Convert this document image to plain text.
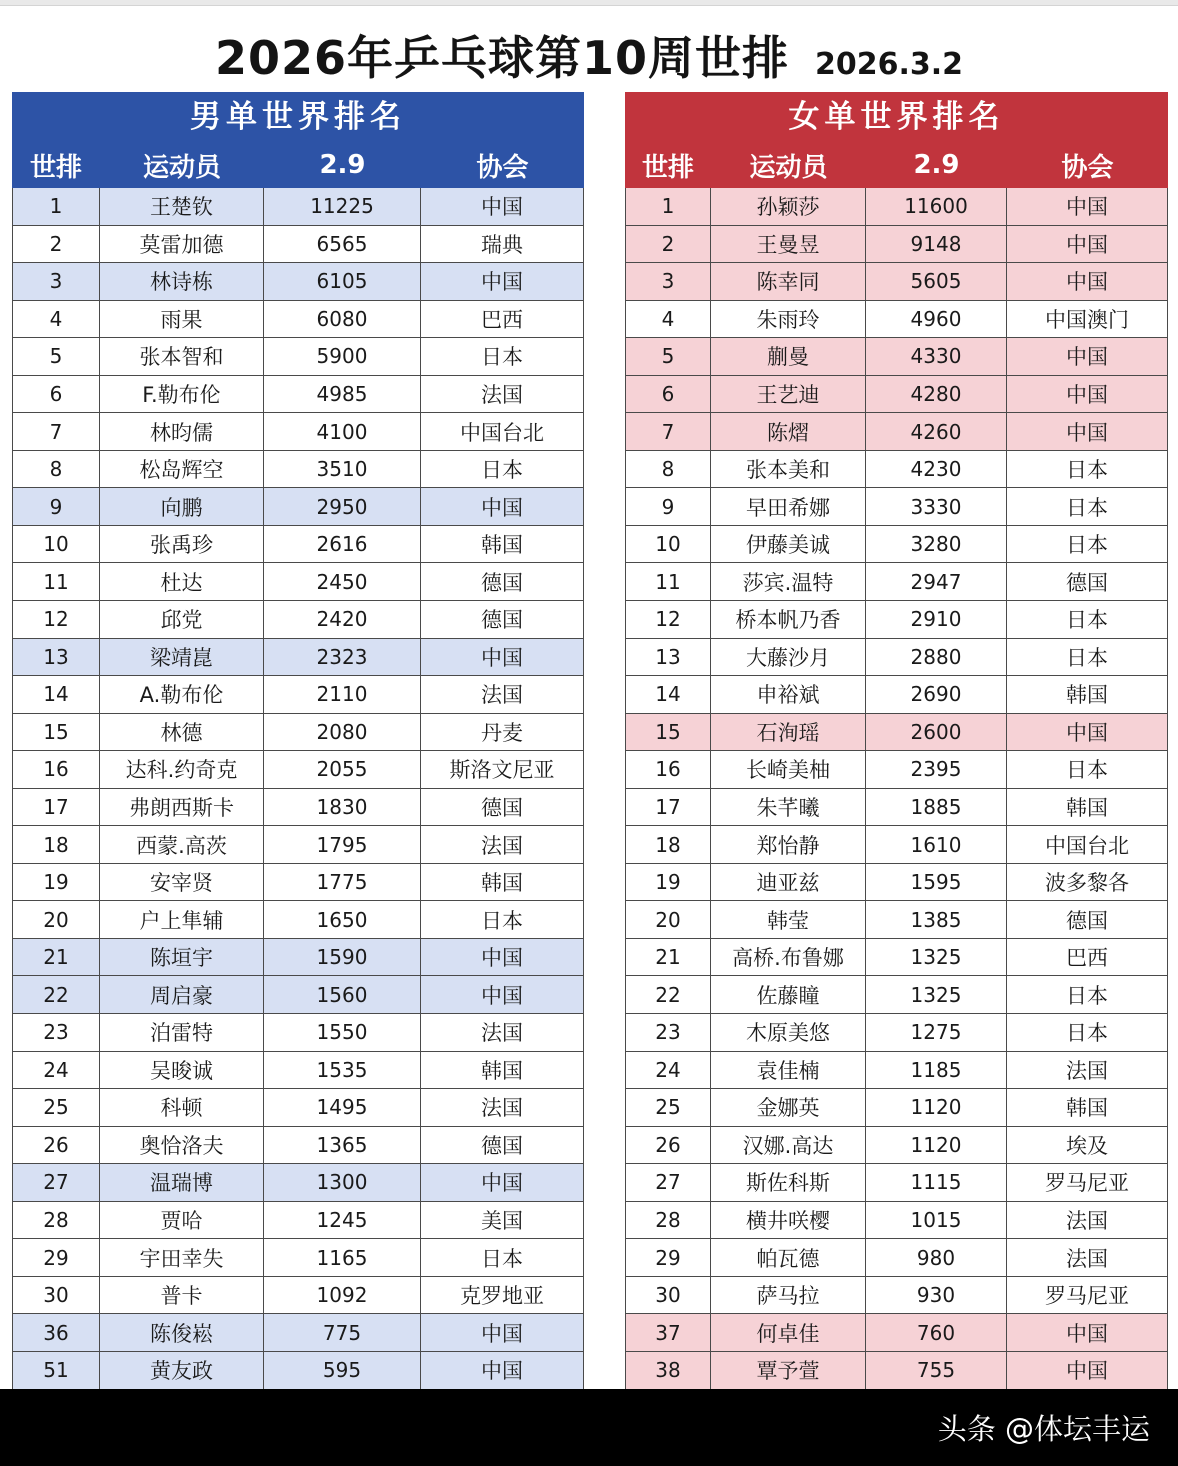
2026年乒乓球第10周世排 2026.3.2
男单世界排名
世排	运动员	2.9	协会
1	王楚钦	11225	中国
2	莫雷加德	6565	瑞典
3	林诗栋	6105	中国
4	雨果	6080	巴西
5	张本智和	5900	日本
6	F.勒布伦	4985	法国
7	林昀儒	4100	中国台北
8	松岛辉空	3510	日本
9	向鹏	2950	中国
10	张禹珍	2616	韩国
11	杜达	2450	德国
12	邱党	2420	德国
13	梁靖崑	2323	中国
14	A.勒布伦	2110	法国
15	林德	2080	丹麦
16	达科.约奇克	2055	斯洛文尼亚
17	弗朗西斯卡	1830	德国
18	西蒙.高茨	1795	法国
19	安宰贤	1775	韩国
20	户上隼辅	1650	日本
21	陈垣宇	1590	中国
22	周启豪	1560	中国
23	泊雷特	1550	法国
24	吴晙诚	1535	韩国
25	科顿	1495	法国
26	奥恰洛夫	1365	德国
27	温瑞博	1300	中国
28	贾哈	1245	美国
29	宇田幸失	1165	日本
30	普卡	1092	克罗地亚
36	陈俊崧	775	中国
51	黄友政	595	中国
女单世界排名
世排	运动员	2.9	协会
1	孙颖莎	11600	中国
2	王曼昱	9148	中国
3	陈幸同	5605	中国
4	朱雨玲	4960	中国澳门
5	蒯曼	4330	中国
6	王艺迪	4280	中国
7	陈熠	4260	中国
8	张本美和	4230	日本
9	早田希娜	3330	日本
10	伊藤美诚	3280	日本
11	莎宾.温特	2947	德国
12	桥本帆乃香	2910	日本
13	大藤沙月	2880	日本
14	申裕斌	2690	韩国
15	石洵瑶	2600	中国
16	长崎美柚	2395	日本
17	朱芊曦	1885	韩国
18	郑怡静	1610	中国台北
19	迪亚兹	1595	波多黎各
20	韩莹	1385	德国
21	高桥.布鲁娜	1325	巴西
22	佐藤瞳	1325	日本
23	木原美悠	1275	日本
24	袁佳楠	1185	法国
25	金娜英	1120	韩国
26	汉娜.高达	1120	埃及
27	斯佐科斯	1115	罗马尼亚
28	横井咲樱	1015	法国
29	帕瓦德	980	法国
30	萨马拉	930	罗马尼亚
37	何卓佳	760	中国
38	覃予萱	755	中国
头条 @体坛丰运
